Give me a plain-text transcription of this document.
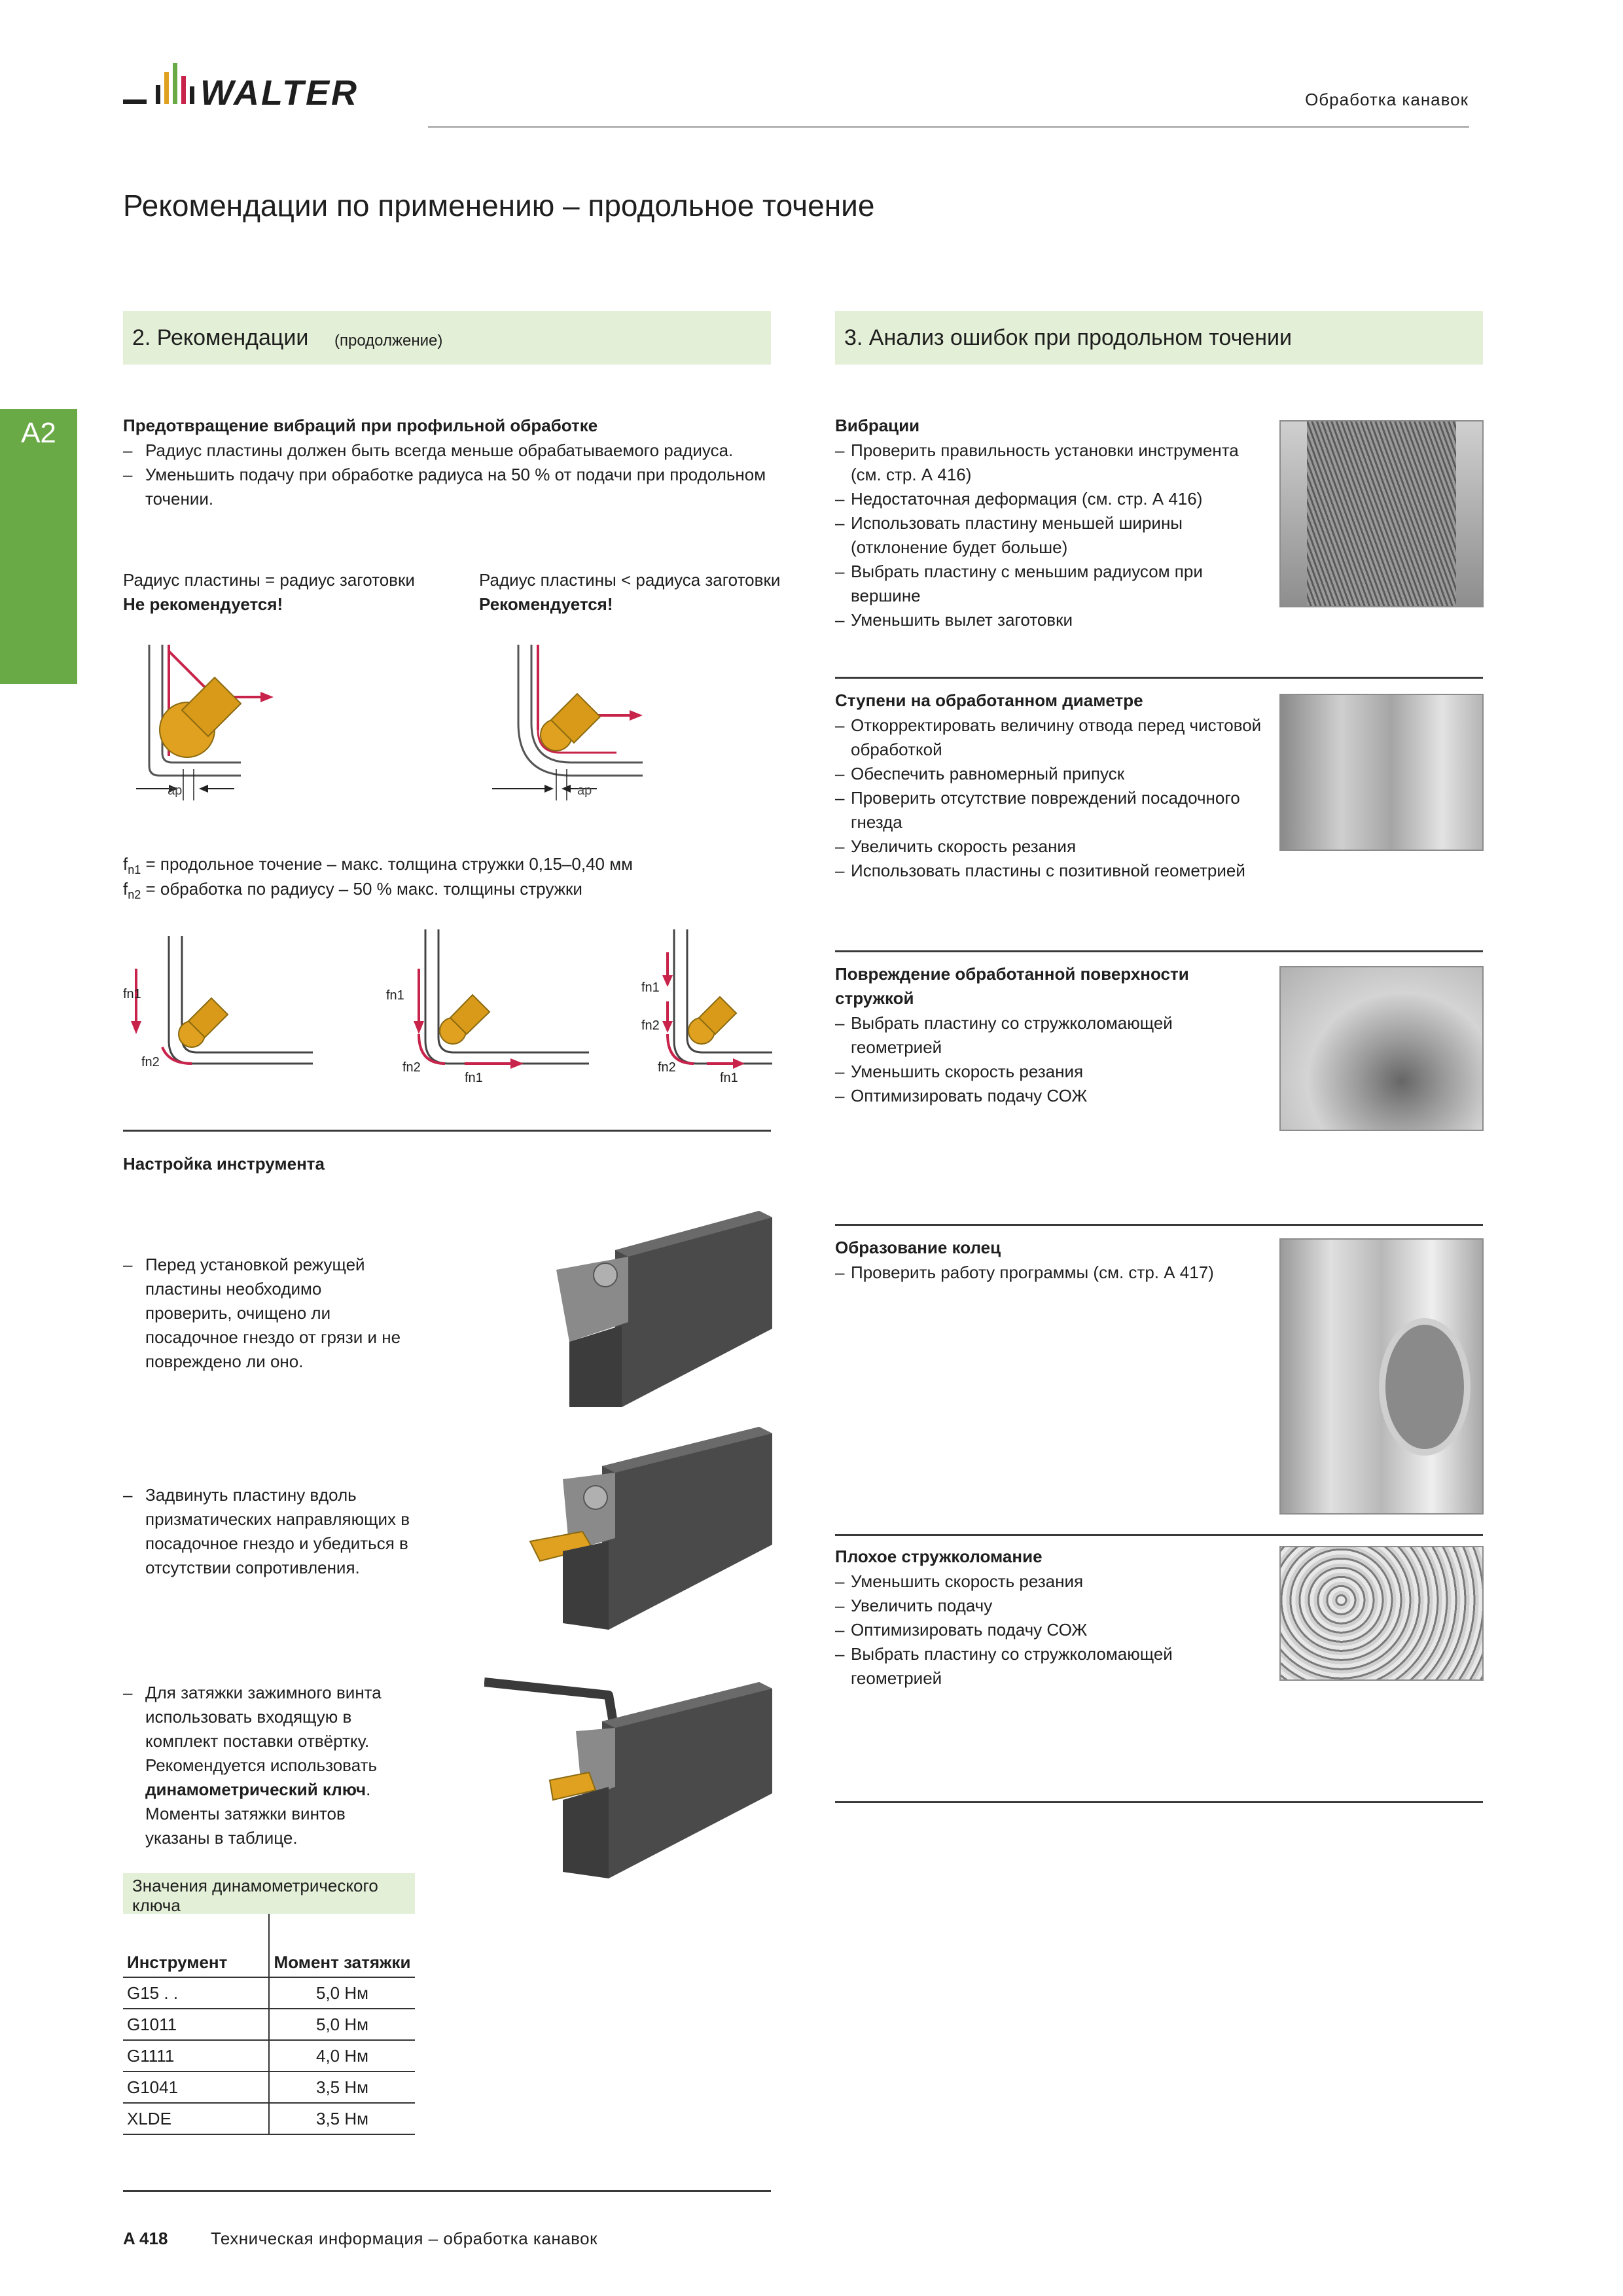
WALTER	Обработка канавок
Рекомендации по применению – продольное точение
A2
2. Рекомендации (продолжение)
Предотвращение вибраций при профильной обработке
– Радиус пластины должен быть всегда меньше обрабатываемого радиуса.
– Уменьшить подачу при обработке радиуса на 50 % от подачи при продольном точении.
Радиус пластины = радиус заготовки
Не рекомендуется!
Радиус пластины < радиуса заготовки
Рекомендуется!
ap	ap
$f_{n1}$ = продольное точение – макс. толщина стружки 0,15–0,40 мм
$f_{n2}$ = обработка по радиусу – 50 % макс. толщины стружки
fn1
fn2
fn1
fn2
fn1
fn1
fn2
fn2
fn1
Настройка инструмента
– Перед установкой режущей пластины необходимо проверить, очищено ли посадочное гнездо от грязи и не повреждено ли оно.
– Задвинуть пластину вдоль призматических направляющих в посадочное гнездо и убедиться в отсутствии сопротивления.
– Для затяжки зажимного винта использовать входящую в комплект поставки отвёртку. Рекомендуется использовать динамометрический ключ. Моменты затяжки винтов указаны в таблице.
Значения динамометрического ключа
Инструмент	Момент затяжки
G15 . .	5,0 Нм
G1011	5,0 Нм
G1111	4,0 Нм
G1041	3,5 Нм
XLDE	3,5 Нм
3. Анализ ошибок при продольном точении
Вибрации
– Проверить правильность установки инструмента (см. стр. А 416)
– Недостаточная деформация (см. стр. А 416)
– Использовать пластину меньшей ширины (отклонение будет больше)
– Выбрать пластину с меньшим радиусом при вершине
– Уменьшить вылет заготовки
Ступени на обработанном диаметре
– Откорректировать величину отвода перед чистовой обработкой
– Обеспечить равномерный припуск
– Проверить отсутствие повреждений посадочного гнезда
– Увеличить скорость резания
– Использовать пластины с позитивной геометрией
Повреждение обработанной поверхности стружкой
– Выбрать пластину со стружколомающей геометрией
– Уменьшить скорость резания
– Оптимизировать подачу СОЖ
Образование колец
– Проверить работу программы (см. стр. А 417)
Плохое стружколомание
– Уменьшить скорость резания
– Увеличить подачу
– Оптимизировать подачу СОЖ
– Выбрать пластину со стружколомающей геометрией
A 418	Техническая информация – обработка канавок
